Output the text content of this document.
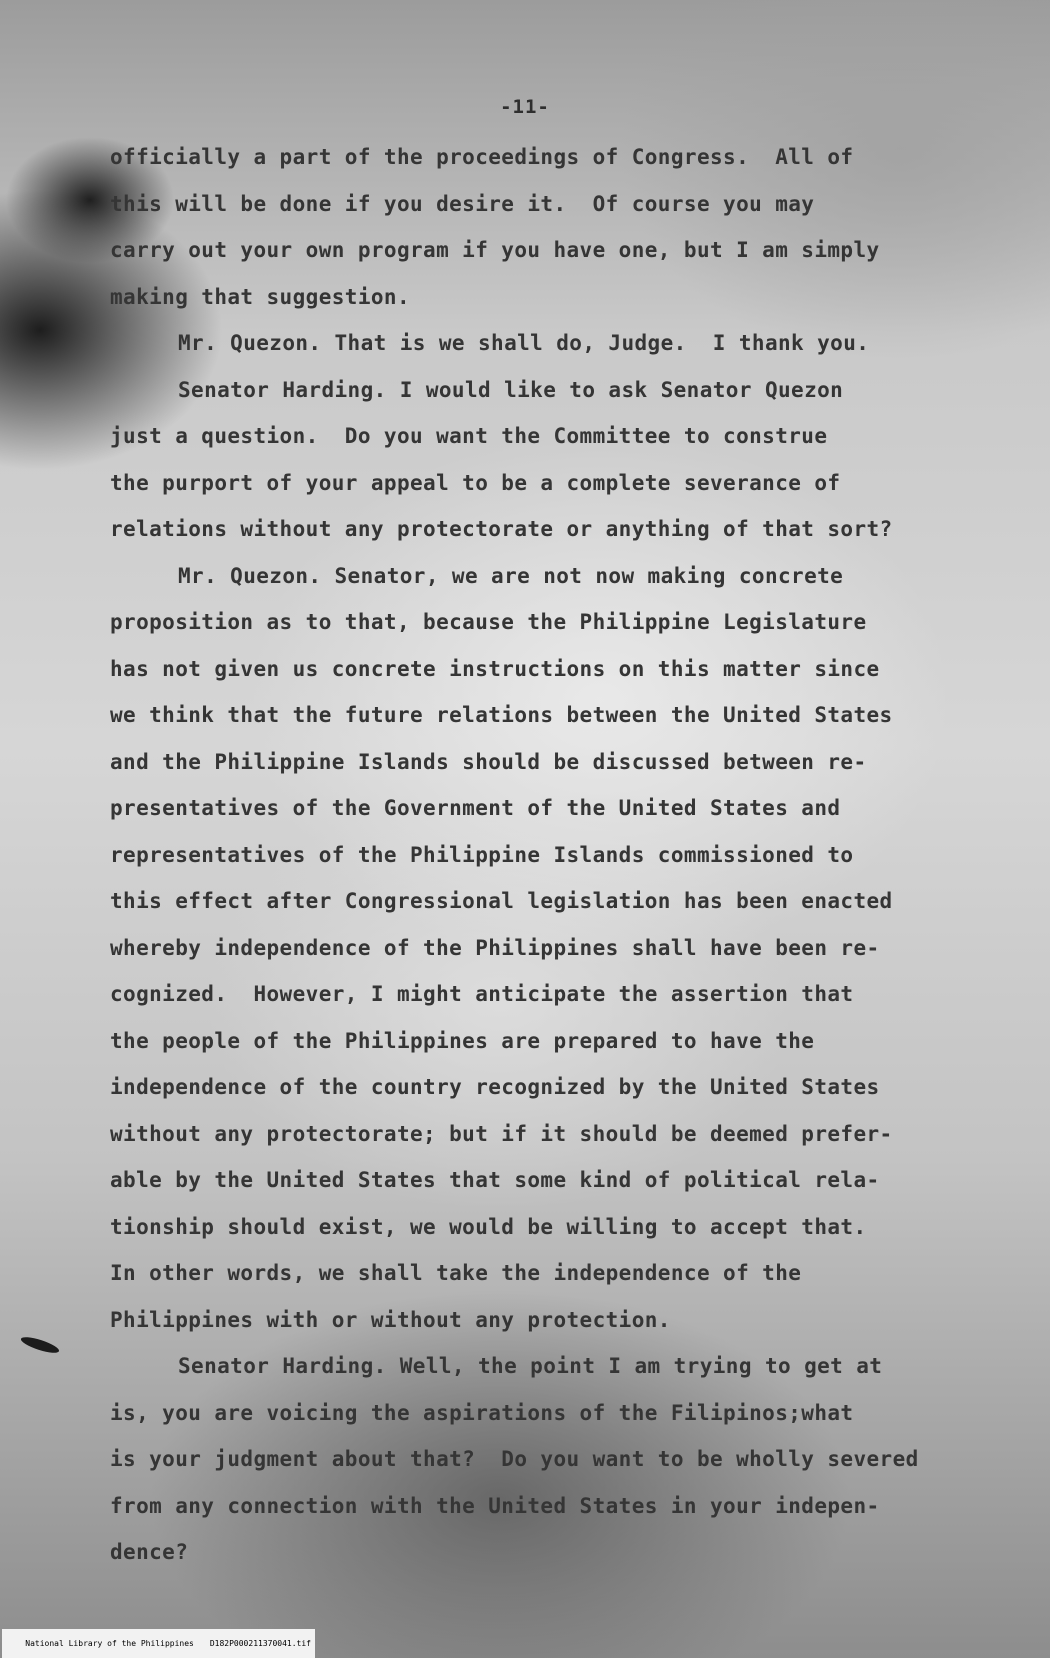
-11-
officially a part of the proceedings of Congress.  All of
this will be done if you desire it.  Of course you may
carry out your own program if you have one, but I am simply
making that suggestion.
Mr. Quezon. That is we shall do, Judge.  I thank you.
Senator Harding. I would like to ask Senator Quezon
just a question.  Do you want the Committee to construe
the purport of your appeal to be a complete severance of
relations without any protectorate or anything of that sort?
Mr. Quezon. Senator, we are not now making concrete
proposition as to that, because the Philippine Legislature
has not given us concrete instructions on this matter since
we think that the future relations between the United States
and the Philippine Islands should be discussed between re-
presentatives of the Government of the United States and
representatives of the Philippine Islands commissioned to
this effect after Congressional legislation has been enacted
whereby independence of the Philippines shall have been re-
cognized.  However, I might anticipate the assertion that
the people of the Philippines are prepared to have the
independence of the country recognized by the United States
without any protectorate; but if it should be deemed prefer-
able by the United States that some kind of political rela-
tionship should exist, we would be willing to accept that.
In other words, we shall take the independence of the
Philippines with or without any protection.
Senator Harding. Well, the point I am trying to get at
is, you are voicing the aspirations of the Filipinos;what
is your judgment about that?  Do you want to be wholly severed
from any connection with the United States in your indepen-
dence?

National Library of the Philippines D182P000211370041.tif
